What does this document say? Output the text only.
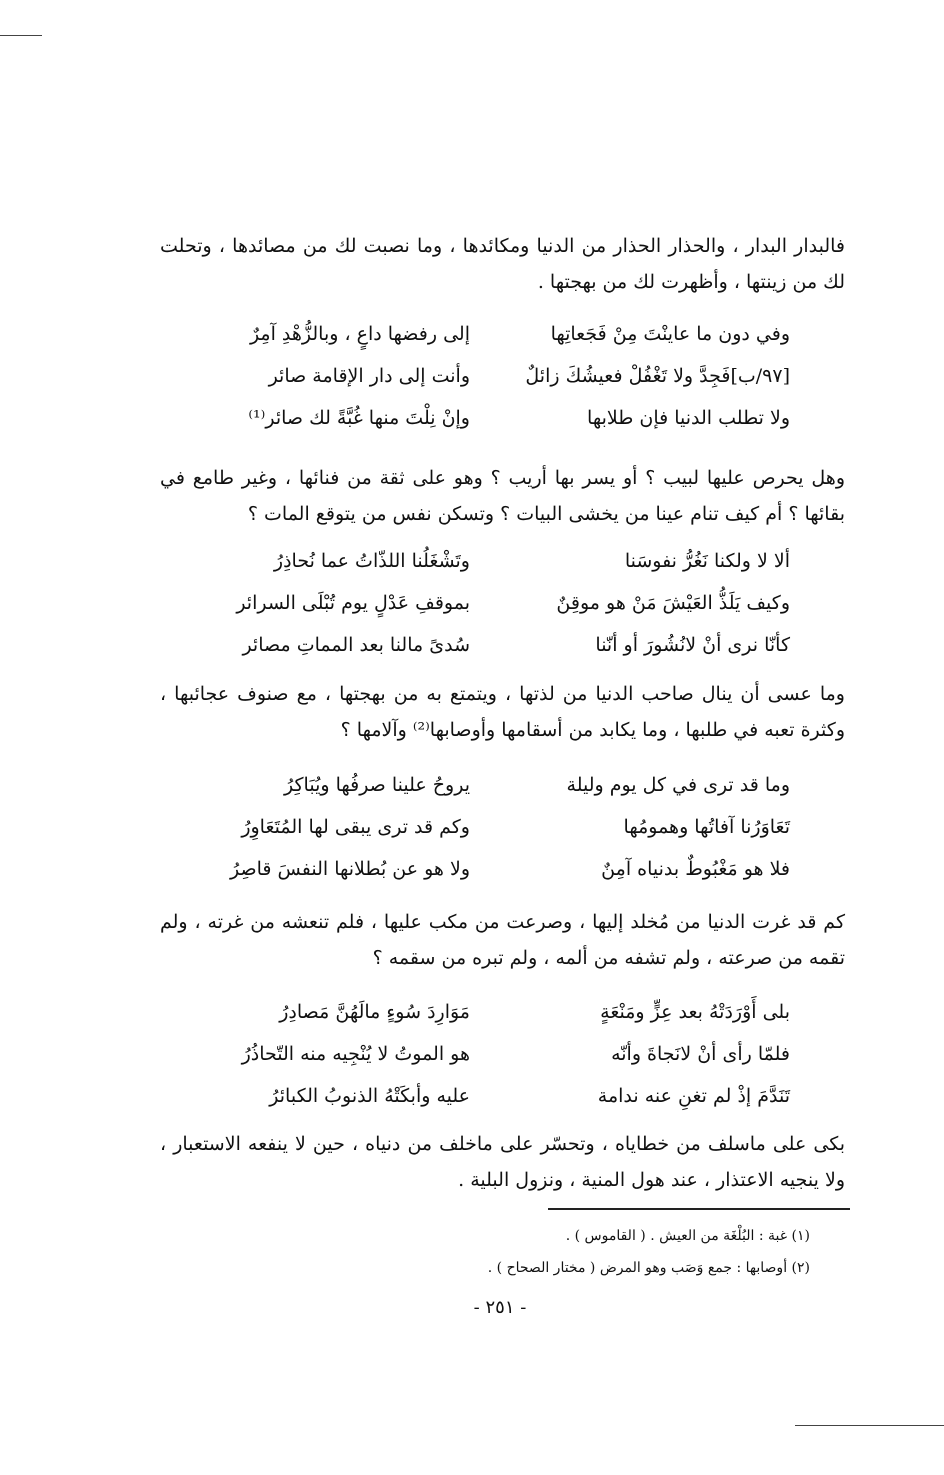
فالبدار البدار ، والحذار الحذار من الدنيا ومكائدها ، وما نصبت لك من مصائدها ، وتحلت لك من زينتها ، وأظهرت لك من بهجتها .

وفي دون ما عاينْتَ مِنْ فَجَعاتِها
إلى رفضها داعٍ ، وبالزُّهْدِ آمِرٌ
[٩٧/ب]فَجِدَّ ولا تَغْفُلْ فعيشُكَ زائلٌ
وأنت إلى دار الإقامة صائر
ولا تطلب الدنيا فإن طلابها
وإنْ نِلْتَ منها غُبَّةً لك صائر⁽¹⁾

وهل يحرص عليها لبيب ؟ أو يسر بها أريب ؟ وهو على ثقة من فنائها ، وغير طامع في بقائها ؟ أم كيف تنام عينا من يخشى البيات ؟ وتسكن نفس من يتوقع المات ؟

ألا لا ولكنا نَغُرُّ نفوسَنا
وتَشْغَلُنا اللذّاتُ عما نُحاذِرُ
وكيف يَلَذُّ العَيْشَ مَنْ هو موقِنٌ
بموقفِ عَدْلٍ يوم تُبْلَى السرائر
كأنّا نرى أنْ لانُشُورَ أو أنّنا
سُدىً مالنا بعد المماتِ مصائر

وما عسى أن ينال صاحب الدنيا من لذتها ، ويتمتع به من بهجتها ، مع صنوف عجائبها ، وكثرة تعبه في طلبها ، وما يكابد من أسقامها وأوصابها⁽²⁾ وآلامها ؟

وما قد ترى في كل يوم وليلة
يروحُ علينا صرفُها ويُبَاكِرُ
تَعَاوَرُنا آفاتُها وهمومُها
وكم قد ترى يبقى لها المُتَعَاوِرُ
فلا هو مَغْبُوطٌ بدنياه آمِنٌ
ولا هو عن بُطلانها النفسَ قاصِرُ

كم قد غرت الدنيا من مُخلد إليها ، وصرعت من مكب عليها ، فلم تنعشه من غرته ، ولم تقمه من صرعته ، ولم تشفه من ألمه ، ولم تبره من سقمه ؟

بلى أَوْرَدَتْهُ بعد عِزٍّ ومَنْعَةٍ
مَوَارِدَ سُوءٍ مالَهُنَّ مَصادِرُ
فلمّا رأى أنْ لانَجاةَ وأنّه
هو الموتُ لا يُنْجِيه منه التّحاذُرُ
تَنَدَّمَ إذْ لم تغنِ عنه ندامة
عليه وأبكَتْهُ الذنوبُ الكبائرُ

بكى على ماسلف من خطاياه ، وتحسّر على ماخلف من دنياه ، حين لا ينفعه الاستعبار ، ولا ينجيه الاعتذار ، عند هول المنية ، ونزول البلية .

(١) غبة : البُلْغَة من العيش . ( القاموس ) .
(٢) أوصابها : جمع وَصَب وهو المرض ( مختار الصحاح ) .
- ٢٥١ -
